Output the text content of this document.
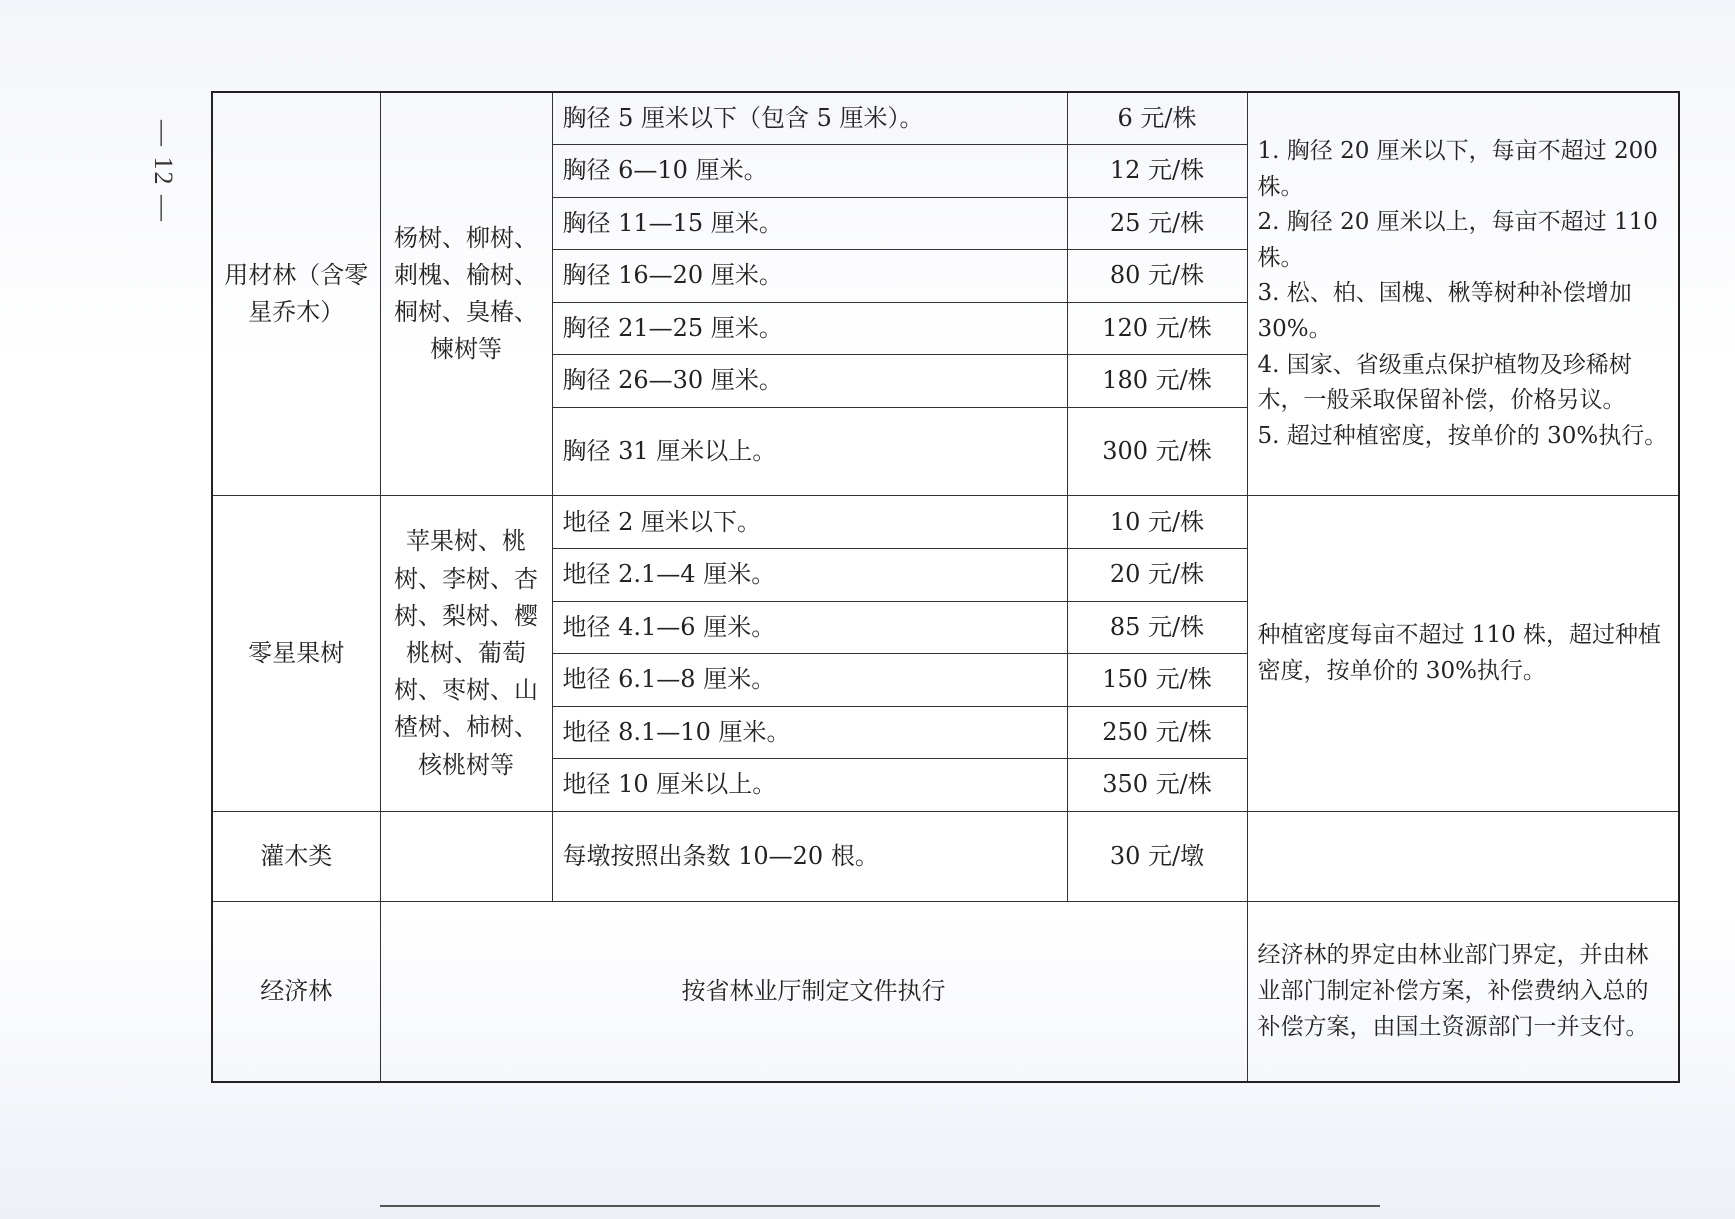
— 12 —
用材林（含零星乔木）	杨树、柳树、刺槐、榆树、桐树、臭椿、楝树等	胸径 5 厘米以下（包含 5 厘米）。	6 元/株	1. 胸径 20 厘米以下，每亩不超过 200 株。
2. 胸径 20 厘米以上，每亩不超过 110 株。
3. 松、柏、国槐、楸等树种补偿增加 30%。
4. 国家、省级重点保护植物及珍稀树木，一般采取保留补偿，价格另议。
5. 超过种植密度，按单价的 30%执行。

		胸径 6—10 厘米。	12 元/株	
		胸径 11—15 厘米。	25 元/株	
		胸径 16—20 厘米。	80 元/株	
		胸径 21—25 厘米。	120 元/株	
		胸径 26—30 厘米。	180 元/株	
		胸径 31 厘米以上。	300 元/株	
零星果树	苹果树、桃树、李树、杏树、梨树、樱桃树、葡萄树、枣树、山楂树、柿树、核桃树等	地径 2 厘米以下。	10 元/株	种植密度每亩不超过 110 株，超过种植密度，按单价的 30%执行。
		地径 2.1—4 厘米。	20 元/株	
		地径 4.1—6 厘米。	85 元/株	
		地径 6.1—8 厘米。	150 元/株	
		地径 8.1—10 厘米。	250 元/株	
		地径 10 厘米以上。	350 元/株	
灌木类		每墩按照出条数 10—20 根。	30 元/墩	
经济林	按省林业厅制定文件执行			经济林的界定由林业部门界定，并由林业部门制定补偿方案，补偿费纳入总的补偿方案，由国土资源部门一并支付。
